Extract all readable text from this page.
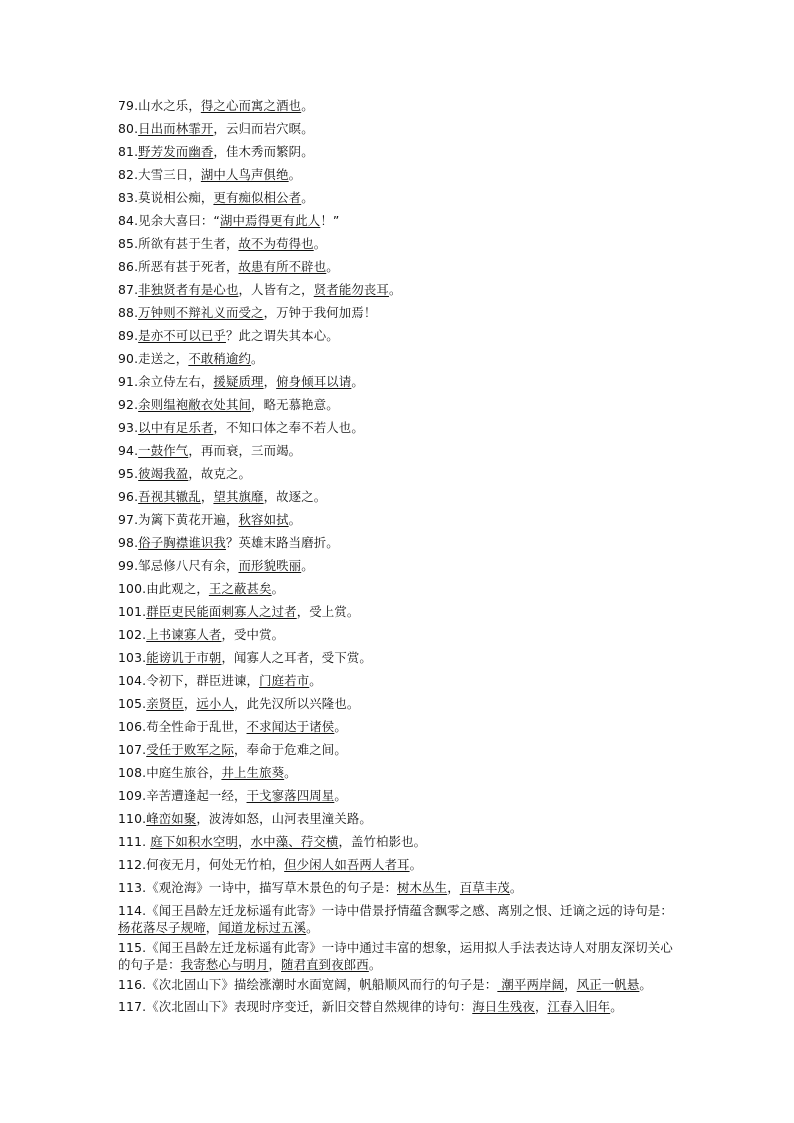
79.山水之乐，得之心而寓之酒也。
80.日出而林霏开，云归而岩穴暝。
81.野芳发而幽香，佳木秀而繁阴。
82.大雪三日，湖中人鸟声俱绝。
83.莫说相公痴，更有痴似相公者。
84.见余大喜曰：“湖中焉得更有此人！”
85.所欲有甚于生者，故不为苟得也。
86.所恶有甚于死者，故患有所不辟也。
87.非独贤者有是心也，人皆有之，贤者能勿丧耳。
88.万钟则不辩礼义而受之，万钟于我何加焉！
89.是亦不可以已乎？此之谓失其本心。
90.走送之，不敢稍逾约。
91.余立侍左右，援疑质理，俯身倾耳以请。
92.余则缊袍敝衣处其间，略无慕艳意。
93.以中有足乐者，不知口体之奉不若人也。
94.一鼓作气，再而衰，三而竭。
95.彼竭我盈，故克之。
96.吾视其辙乱，望其旗靡，故逐之。
97.为篱下黄花开遍，秋容如拭。
98.俗子胸襟谁识我？英雄末路当磨折。
99.邹忌修八尺有余，而形貌昳丽。
100.由此观之，王之蔽甚矣。
101.群臣吏民能面刺寡人之过者，受上赏。
102.上书谏寡人者，受中赏。
103.能谤讥于市朝，闻寡人之耳者，受下赏。
104.令初下，群臣进谏，门庭若市。
105.亲贤臣，远小人，此先汉所以兴隆也。
106.苟全性命于乱世，不求闻达于诸侯。
107.受任于败军之际，奉命于危难之间。
108.中庭生旅谷，井上生旅葵。
109.辛苦遭逢起一经，干戈寥落四周星。
110.峰峦如聚，波涛如怒，山河表里潼关路。
111. 庭下如积水空明，水中藻、荇交横，盖竹柏影也。
112.何夜无月，何处无竹柏，但少闲人如吾两人者耳。
113.《观沧海》一诗中，描写草木景色的句子是：树木丛生，百草丰茂。
114.《闻王昌龄左迁龙标遥有此寄》一诗中借景抒情蕴含飘零之感、离别之恨、迁谪之远的诗句是：杨花落尽子规啼，闻道龙标过五溪。
115.《闻王昌龄左迁龙标遥有此寄》一诗中通过丰富的想象，运用拟人手法表达诗人对朋友深切关心的句子是：我寄愁心与明月，随君直到夜郎西。
116.《次北固山下》描绘涨潮时水面宽阔，帆船顺风而行的句子是： 潮平两岸阔，风正一帆悬。
117.《次北固山下》表现时序变迁，新旧交替自然规律的诗句：海日生残夜，江春入旧年。
